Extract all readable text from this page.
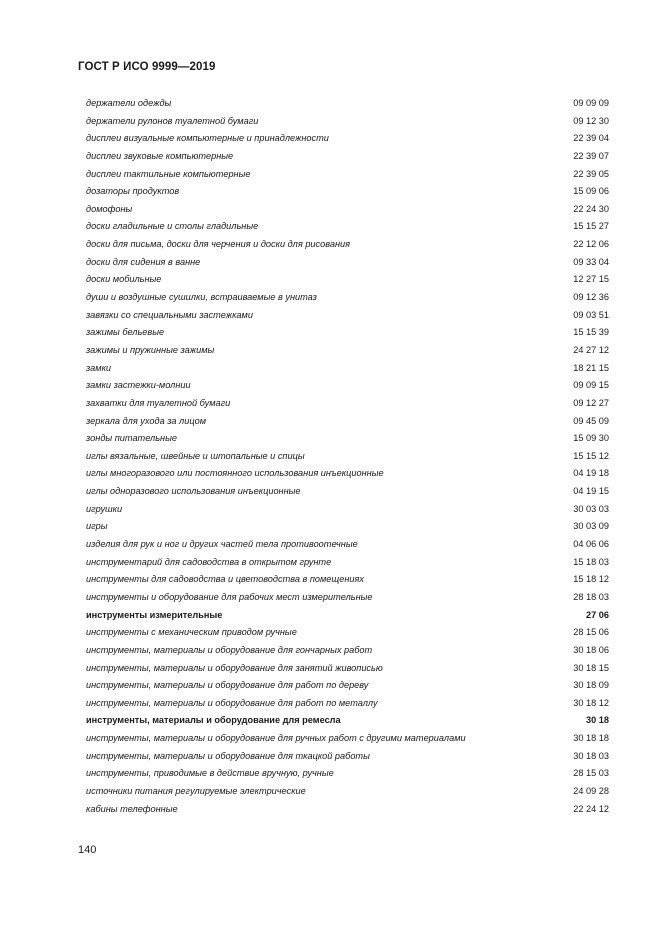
ГОСТ Р ИСО 9999—2019
держатели одежды	09 09 09
держатели рулонов туалетной бумаги	09 12 30
дисплеи визуальные компьютерные и принадлежности	22 39 04
дисплеи звуковые компьютерные	22 39 07
дисплеи тактильные компьютерные	22 39 05
дозаторы продуктов	15 09 06
домофоны	22 24 30
доски гладильные и столы гладильные	15 15 27
доски для письма, доски для черчения и доски для рисования	22 12 06
доски для сидения в ванне	09 33 04
доски мобильные	12 27 15
души и воздушные сушилки, встраиваемые в унитаз	09 12 36
завязки со специальными застежками	09 03 51
зажимы бельевые	15 15 39
зажимы и пружинные зажимы	24 27 12
замки	18 21 15
замки застежки-молнии	09 09 15
захватки для туалетной бумаги	09 12 27
зеркала для ухода за лицом	09 45 09
зонды питательные	15 09 30
иглы вязальные, швейные и штопальные и спицы	15 15 12
иглы многоразового или постоянного использования инъекционные	04 19 18
иглы одноразового использования инъекционные	04 19 15
игрушки	30 03 03
игры	30 03 09
изделия для рук и ног и других частей тела противоотечные	04 06 06
инструментарий для садоводства в открытом грунте	15 18 03
инструменты для садоводства и цветоводства в помещениях	15 18 12
инструменты и оборудование для рабочих мест измерительные	28 18 03
инструменты измерительные	27 06
инструменты с механическим приводом ручные	28 15 06
инструменты, материалы и оборудование для гончарных работ	30 18 06
инструменты, материалы и оборудование для занятий живописью	30 18 15
инструменты, материалы и оборудование для работ по дереву	30 18 09
инструменты, материалы и оборудование для работ по металлу	30 18 12
инструменты, материалы и оборудование для ремесла	30 18
инструменты, материалы и оборудование для ручных работ с другими материалами	30 18 18
инструменты, материалы и оборудование для ткацкой работы	30 18 03
инструменты, приводимые в действие вручную, ручные	28 15 03
источники питания регулируемые электрические	24 09 28
кабины телефонные	22 24 12
140
